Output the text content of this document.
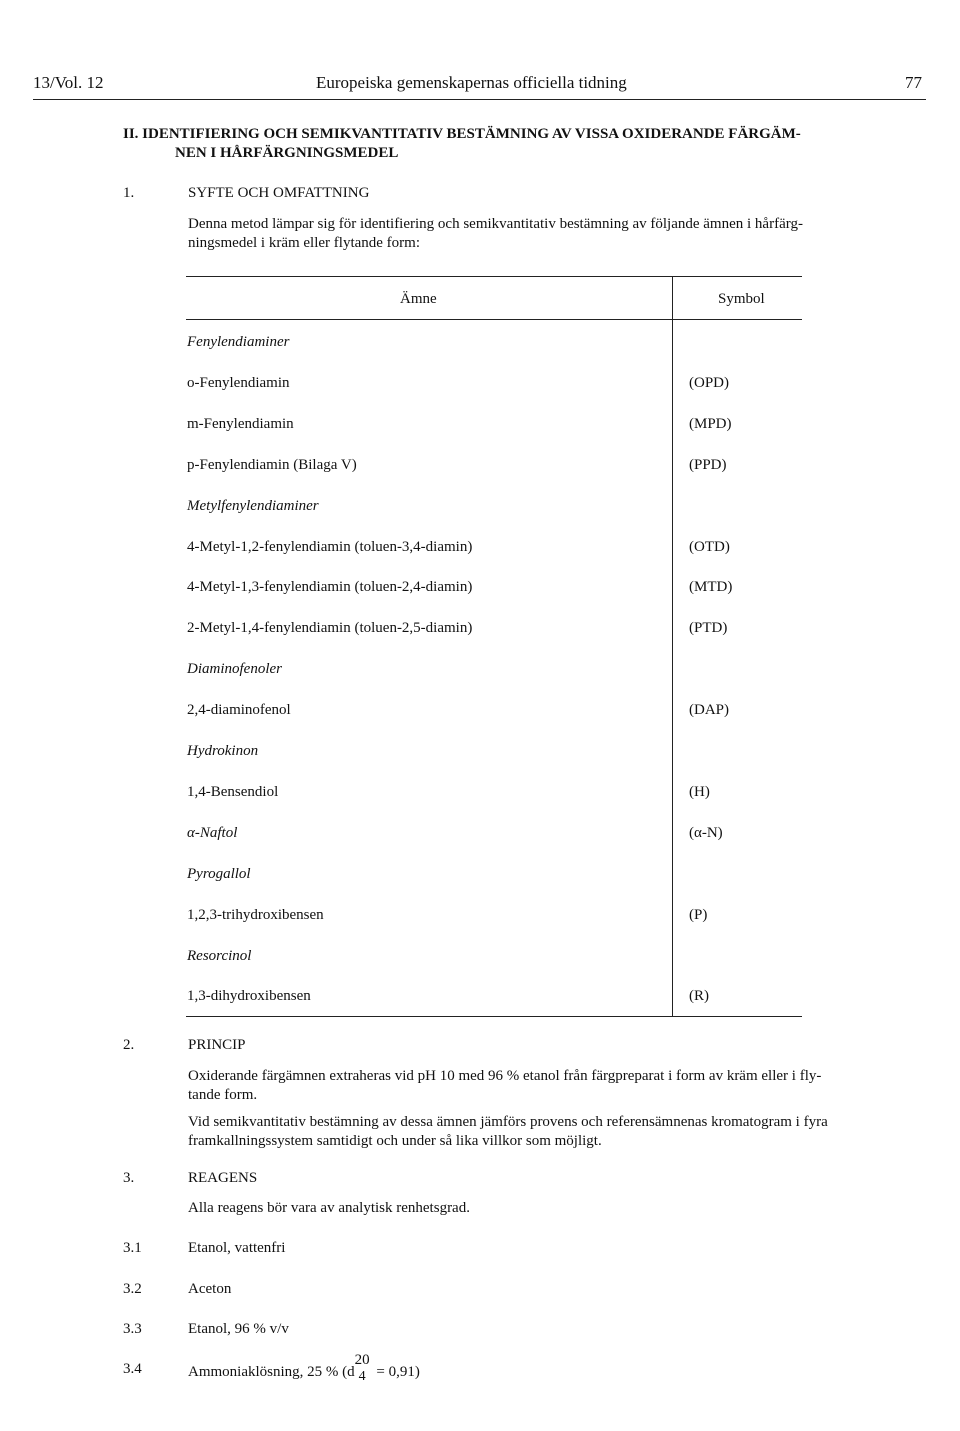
13/Vol. 12	Europeiska gemenskapernas officiella tidning	77
II. IDENTIFIERING OCH SEMIKVANTITATIV BESTÄMNING AV VISSA OXIDERANDE FÄRGÄM-
NEN I HÅRFÄRGNINGSMEDEL
1.	SYFTE OCH OMFATTNING
Denna metod lämpar sig för identifiering och semikvantitativ bestämning av följande ämnen i hårfärg-
ningsmedel i kräm eller flytande form:
Ämne	Symbol
Fenylendiaminer
o-Fenylendiamin	(OPD)
m-Fenylendiamin	(MPD)
p-Fenylendiamin (Bilaga V)	(PPD)
Metylfenylendiaminer
4-Metyl-1,2-fenylendiamin (toluen-3,4-diamin)	(OTD)
4-Metyl-1,3-fenylendiamin (toluen-2,4-diamin)	(MTD)
2-Metyl-1,4-fenylendiamin (toluen-2,5-diamin)	(PTD)
Diaminofenoler
2,4-diaminofenol	(DAP)
Hydrokinon
1,4-Bensendiol	(H)
α-Naftol	(α-N)
Pyrogallol
1,2,3-trihydroxibensen	(P)
Resorcinol
1,3-dihydroxibensen	(R)
2.	PRINCIP
Oxiderande färgämnen extraheras vid pH 10 med 96 % etanol från färgpreparat i form av kräm eller i fly-
tande form.
Vid semikvantitativ bestämning av dessa ämnen jämförs provens och referensämnenas kromatogram i fyra
framkallningssystem samtidigt och under så lika villkor som möjligt.
3.	REAGENS
Alla reagens bör vara av analytisk renhetsgrad.
3.1	Etanol, vattenfri
3.2	Aceton
3.3	Etanol, 96 % v/v
3.4	Ammoniaklösning, 25 % (d
20
4 = 0,91)
